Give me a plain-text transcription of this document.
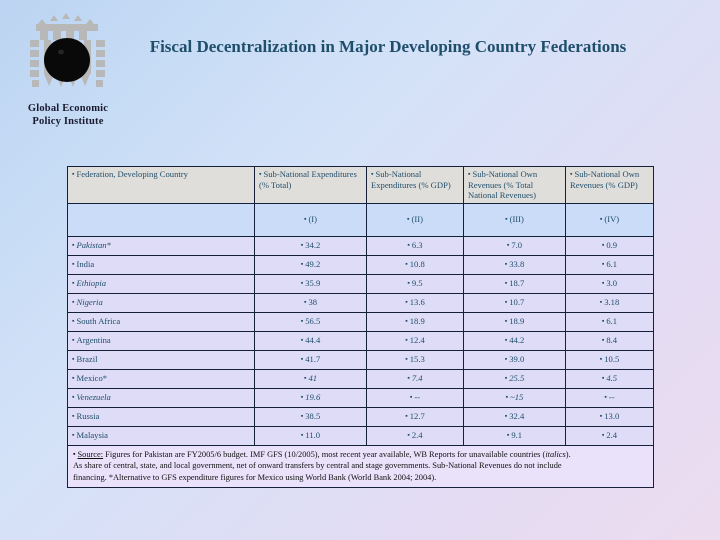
Global Economic
Policy Institute
Fiscal Decentralization in Major Developing Country Federations
▪ Federation, Developing Country	▪ Sub-National Expenditures (% Total)	▪ Sub-National Expenditures (% GDP)	▪ Sub-National Own Revenues (% Total National Revenues)	▪ Sub-National Own Revenues (% GDP)
	▪ (I)	▪ (II)	▪ (III)	▪ (IV)
▪ Pakistan*	▪ 34.2	▪ 6.3	▪ 7.0	▪ 0.9
▪ India	▪ 49.2	▪ 10.8	▪ 33.8	▪ 6.1
▪ Ethiopia	▪ 35.9	▪ 9.5	▪ 18.7	▪ 3.0
▪ Nigeria	▪ 38	▪ 13.6	▪ 10.7	▪ 3.18
▪ South Africa	▪ 56.5	▪ 18.9	▪ 18.9	▪ 6.1
▪ Argentina	▪ 44.4	▪ 12.4	▪ 44.2	▪ 8.4
▪ Brazil	▪ 41.7	▪ 15.3	▪ 39.0	▪ 10.5
▪ Mexico*	▪ 41	▪ 7.4	▪ 25.5	▪ 4.5
▪ Venezuela	▪ 19.6	▪ --	▪ ~15	▪ --
▪ Russia	▪ 38.5	▪ 12.7	▪ 32.4	▪ 13.0
▪ Malaysia	▪ 11.0	▪ 2.4	▪ 9.1	▪ 2.4

▪ Source: Figures for Pakistan are FY2005/6 budget. IMF GFS (10/2005), most recent year available, WB Reports for unavailable countries (italics).
As share of central, state, and local government, net of onward transfers by central and stage governments. Sub-National Revenues do not include
financing. *Alternative to GFS expenditure figures for Mexico using World Bank (World Bank 2004; 2004).
